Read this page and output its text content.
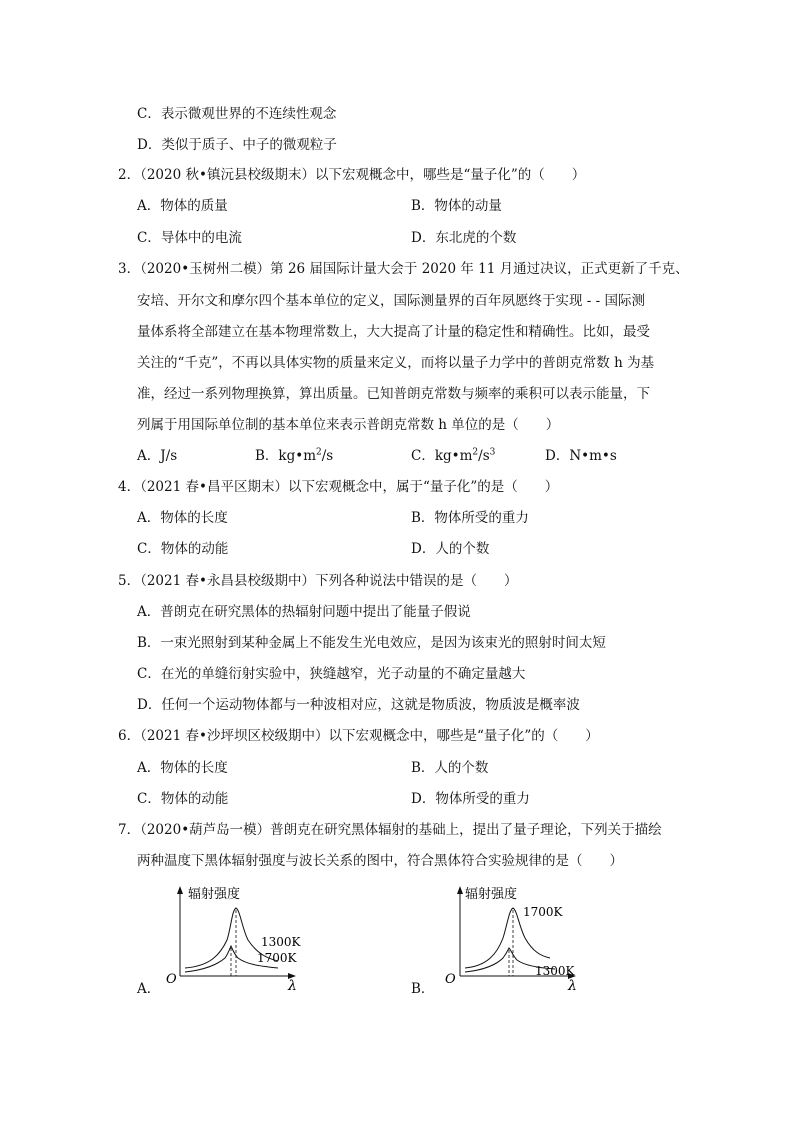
C．表示微观世界的不连续性观念
D．类似于质子、中子的微观粒子
2．（2020 秋•镇沅县校级期末）以下宏观概念中，哪些是“量子化”的（　　）
A．物体的质量	B．物体的动量
C．导体中的电流	D．东北虎的个数
3．（2020•玉树州二模）第 26 届国际计量大会于 2020 年 11 月通过决议，正式更新了千克、
安培、开尔文和摩尔四个基本单位的定义，国际测量界的百年夙愿终于实现 - - 国际测
量体系将全部建立在基本物理常数上，大大提高了计量的稳定性和精确性。比如，最受
关注的“千克”，不再以具体实物的质量来定义，而将以量子力学中的普朗克常数 h 为基
准，经过一系列物理换算，算出质量。已知普朗克常数与频率的乘积可以表示能量，下
列属于用国际单位制的基本单位来表示普朗克常数 h 单位的是（　　）
A．J/s	B．$kg•m^2/s$	C．$kg•m^2/s^3$	D．N•m•s
4．（2021 春•昌平区期末）以下宏观概念中，属于“量子化”的是（　　）
A．物体的长度	B．物体所受的重力
C．物体的动能	D．人的个数
5．（2021 春•永昌县校级期中）下列各种说法中错误的是（　　）
A．普朗克在研究黑体的热辐射问题中提出了能量子假说
B．一束光照射到某种金属上不能发生光电效应，是因为该束光的照射时间太短
C．在光的单缝衍射实验中，狭缝越窄，光子动量的不确定量越大
D．任何一个运动物体都与一种波相对应，这就是物质波，物质波是概率波
6．（2021 春•沙坪坝区校级期中）以下宏观概念中，哪些是“量子化”的（　　）
A．物体的长度	B．人的个数
C．物体的动能	D．物体所受的重力
7．（2020•葫芦岛一模）普朗克在研究黑体辐射的基础上，提出了量子理论，下列关于描绘
两种温度下黑体辐射强度与波长关系的图中，符合黑体符合实验规律的是（　　）
辐射强度
O	λ
1300K
1700K
A．
辐射强度
O	λ
1700K
1300K
B．
